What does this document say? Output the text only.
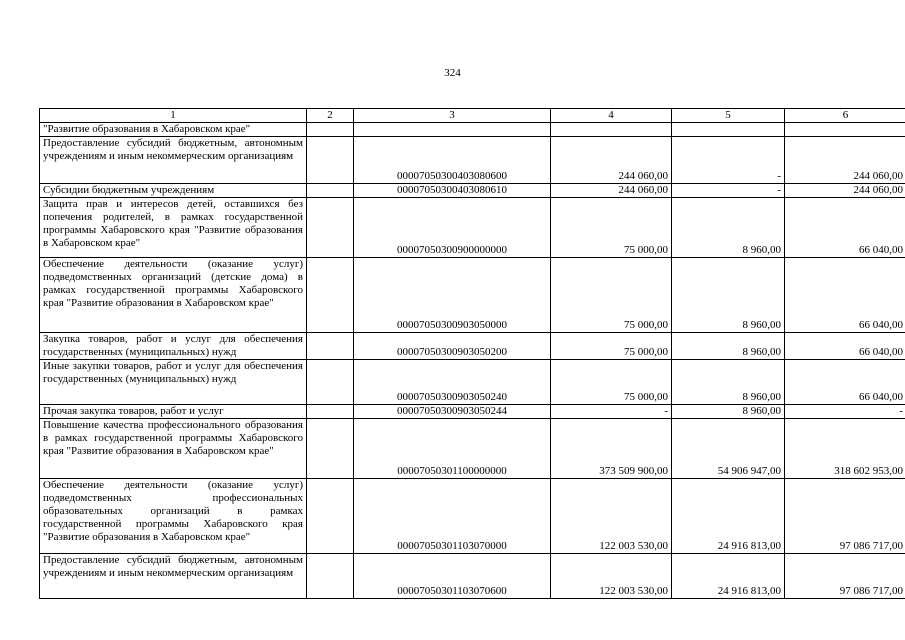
324
1	2	3	4	5	6
"Развитие образования в Хабаровском крае"					
Предоставление субсидий бюджетным, автономным учреждениям и иным некоммерческим организациям		00007050300403080600	244 060,00	-	244 060,00
Субсидии бюджетным учреждениям		00007050300403080610	244 060,00	-	244 060,00
Защита прав и интересов детей, оставшихся без попечения родителей, в рамках государственной программы Хабаровского края "Развитие образования в Хабаровском крае"		00007050300900000000	75 000,00	8 960,00	66 040,00
Обеспечение деятельности (оказание услуг) подведомственных организаций (детские дома) в рамках государственной программы Хабаровского края "Развитие образования в Хабаровском крае"		00007050300903050000	75 000,00	8 960,00	66 040,00
Закупка товаров, работ и услуг для обеспечения государственных (муниципальных) нужд		00007050300903050200	75 000,00	8 960,00	66 040,00
Иные закупки товаров, работ и услуг для обеспечения государственных (муниципальных) нужд		00007050300903050240	75 000,00	8 960,00	66 040,00
Прочая закупка товаров, работ и услуг		00007050300903050244	-	8 960,00	-
Повышение качества профессионального образования в рамках государственной программы Хабаровского края "Развитие образования в Хабаровском крае"		00007050301100000000	373 509 900,00	54 906 947,00	318 602 953,00
Обеспечение деятельности (оказание услуг) подведомственных профессиональных образовательных организаций в рамках государственной программы Хабаровского края "Развитие образования в Хабаровском крае"		00007050301103070000	122 003 530,00	24 916 813,00	97 086 717,00
Предоставление субсидий бюджетным, автономным учреждениям и иным некоммерческим организациям		00007050301103070600	122 003 530,00	24 916 813,00	97 086 717,00
